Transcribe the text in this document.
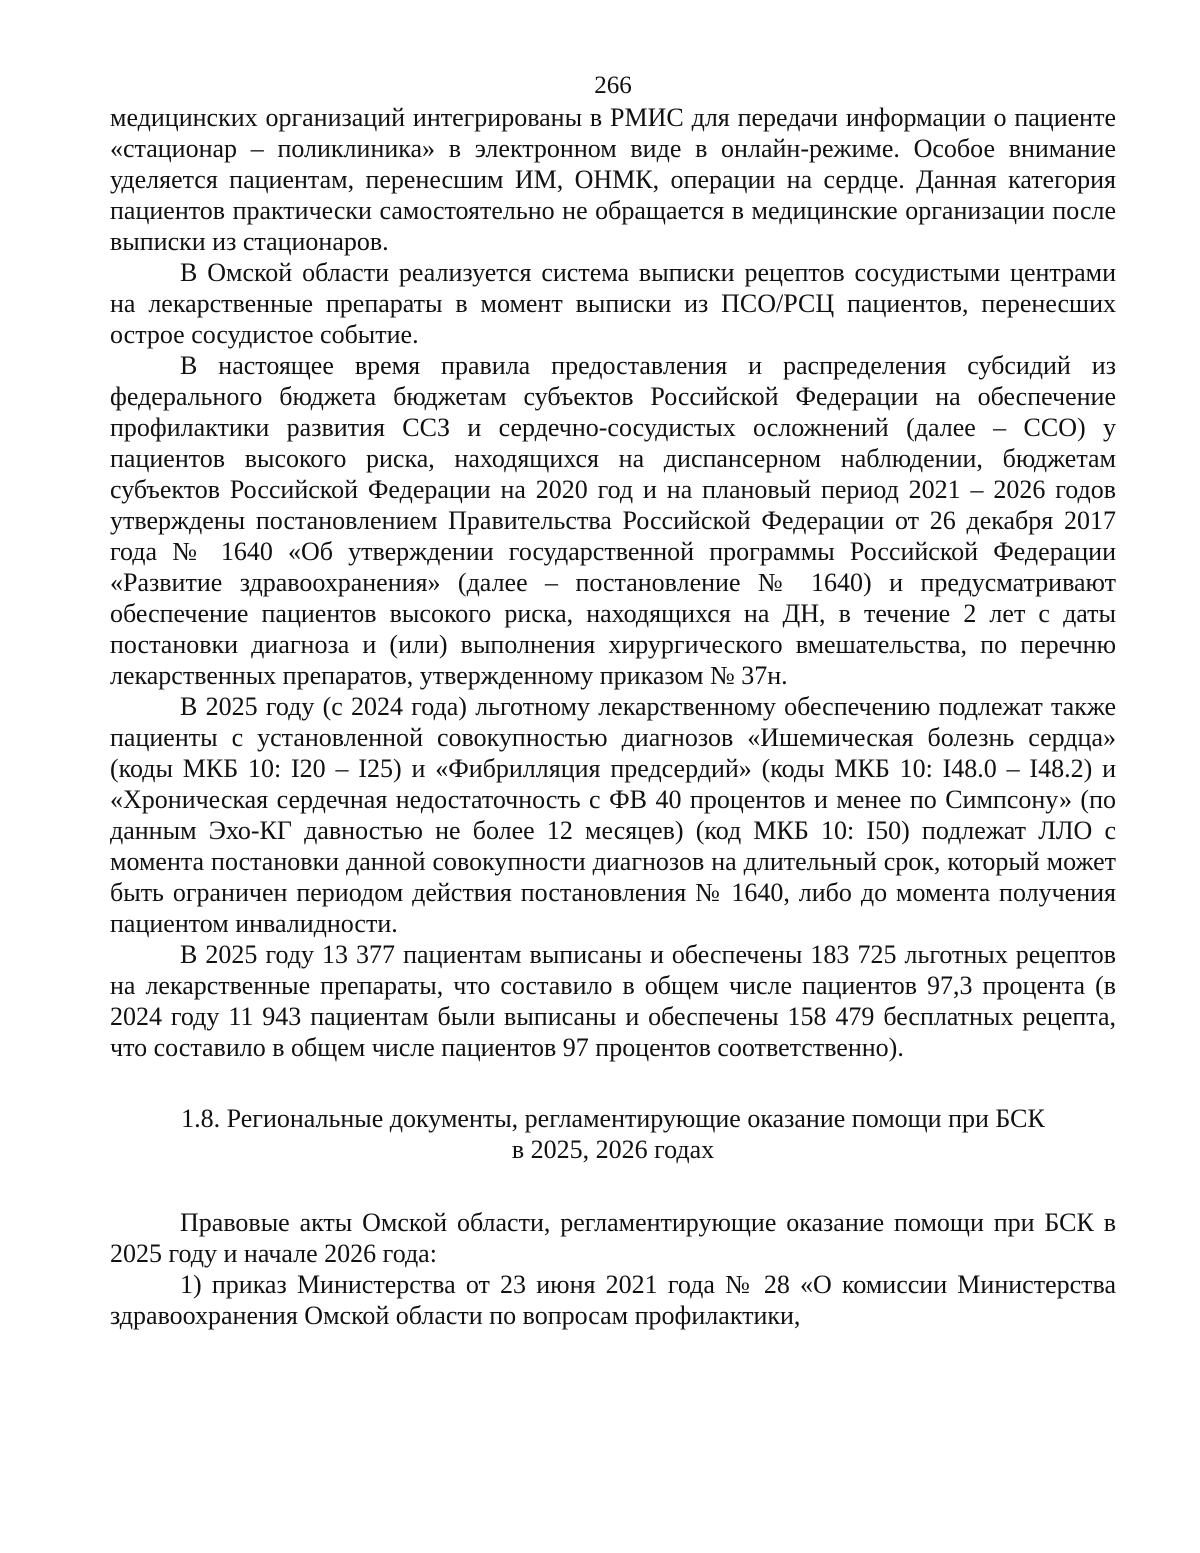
266

медицинских организаций интегрированы в РМИС для передачи информации о пациенте «стационар – поликлиника» в электронном виде в онлайн-режиме. Особое внимание уделяется пациентам, перенесшим ИМ, ОНМК, операции на сердце. Данная категория пациентов практически самостоятельно не обращается в медицинские организации после выписки из стационаров.

В Омской области реализуется система выписки рецептов сосудистыми центрами на лекарственные препараты в момент выписки из ПСО/РСЦ пациентов, перенесших острое сосудистое событие.

В настоящее время правила предоставления и распределения субсидий из федерального бюджета бюджетам субъектов Российской Федерации на обеспечение профилактики развития ССЗ и сердечно-сосудистых осложнений (далее – ССО) у пациентов высокого риска, находящихся на диспансерном наблюдении, бюджетам субъектов Российской Федерации на 2020 год и на плановый период 2021 – 2026 годов утверждены постановлением Правительства Российской Федерации от 26 декабря 2017 года № 1640 «Об утверждении государственной программы Российской Федерации «Развитие здравоохранения» (далее – постановление № 1640) и предусматривают обеспечение пациентов высокого риска, находящихся на ДН, в течение 2 лет с даты постановки диагноза и (или) выполнения хирургического вмешательства, по перечню лекарственных препаратов, утвержденному приказом № 37н.

В 2025 году (с 2024 года) льготному лекарственному обеспечению подлежат также пациенты с установленной совокупностью диагнозов «Ишемическая болезнь сердца» (коды МКБ 10: I20 – I25) и «Фибрилляция предсердий» (коды МКБ 10: I48.0 – I48.2) и «Хроническая сердечная недостаточность с ФВ 40 процентов и менее по Симпсону» (по данным Эхо-КГ давностью не более 12 месяцев) (код МКБ 10: I50) подлежат ЛЛО с момента постановки данной совокупности диагнозов на длительный срок, который может быть ограничен периодом действия постановления № 1640, либо до момента получения пациентом инвалидности.

В 2025 году 13 377 пациентам выписаны и обеспечены 183 725 льготных рецептов на лекарственные препараты, что составило в общем числе пациентов 97,3 процента (в 2024 году 11 943 пациентам были выписаны и обеспечены 158 479 бесплатных рецепта, что составило в общем числе пациентов 97 процентов соответственно).

1.8. Региональные документы, регламентирующие оказание помощи при БСК
в 2025, 2026 годах

Правовые акты Омской области, регламентирующие оказание помощи при БСК в 2025 году и начале 2026 года:

1) приказ Министерства от 23 июня 2021 года № 28 «О комиссии Министерства здравоохранения Омской области по вопросам профилактики,
